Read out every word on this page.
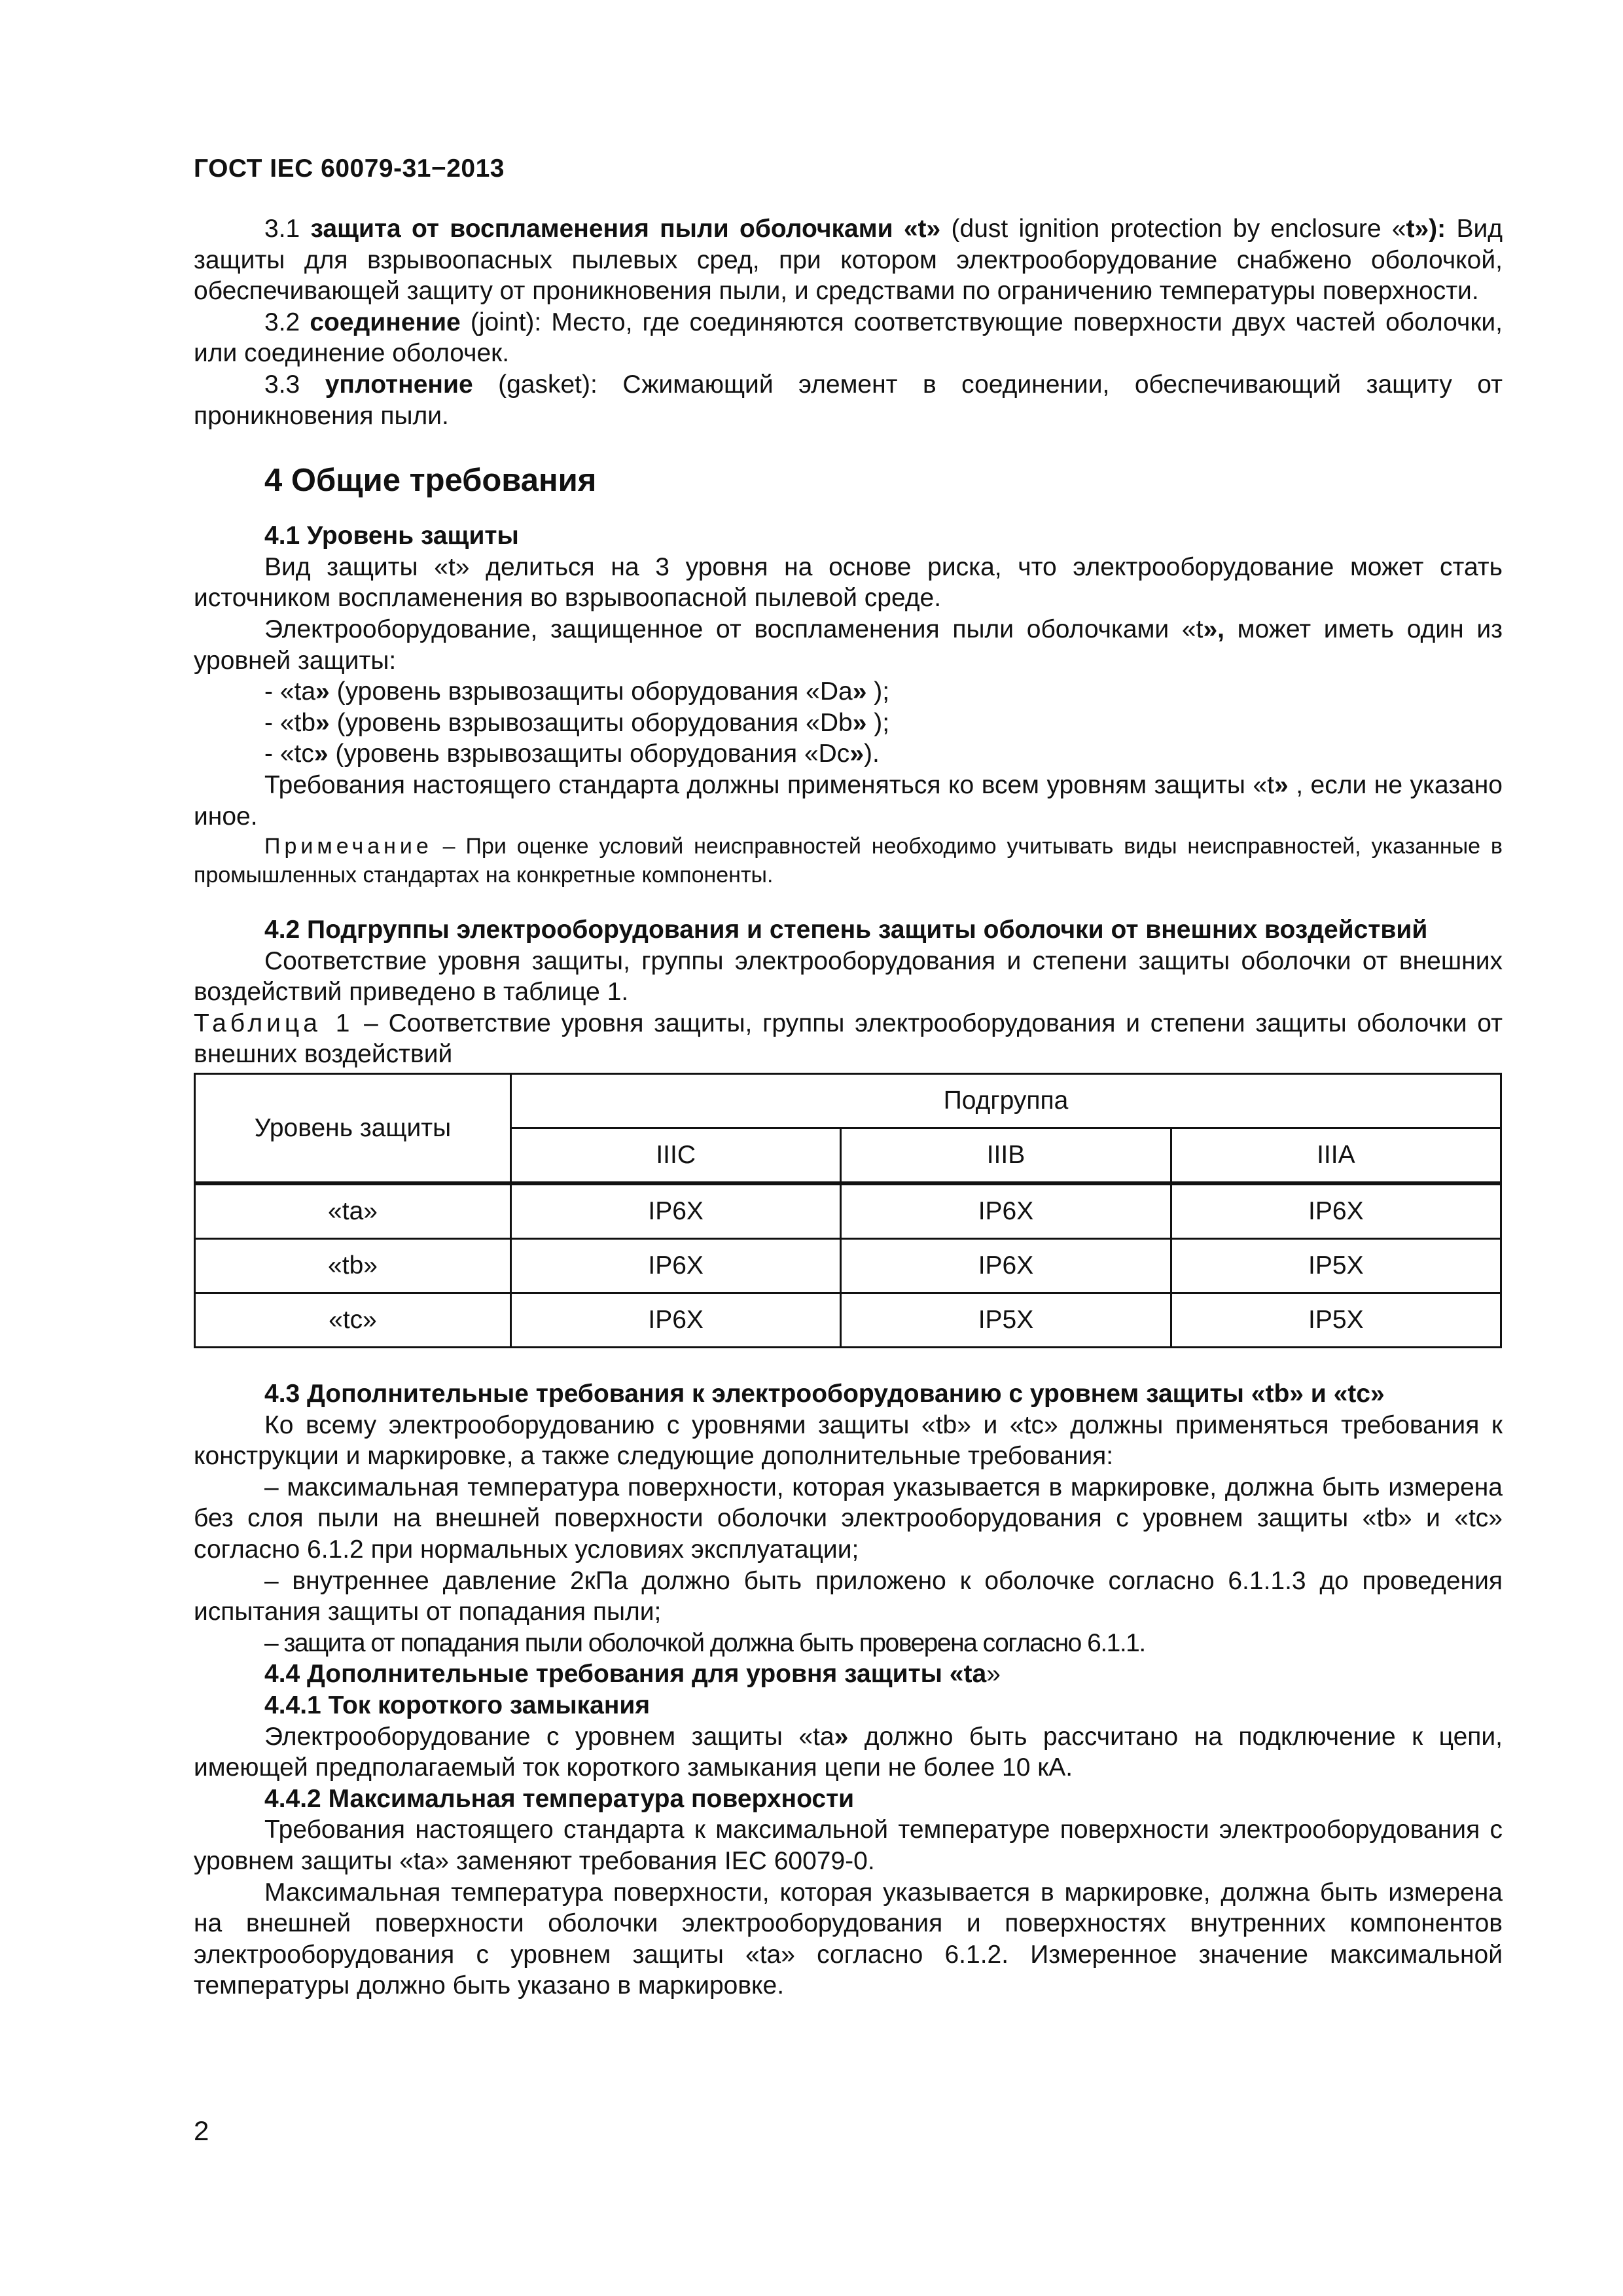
ГОСТ IEC 60079-31−2013

3.1 защита от воспламенения пыли оболочками «t» (dust ignition protection by enclosure «t»): Вид защиты для взрывоопасных пылевых сред, при котором электрооборудование снабжено оболочкой, обеспечивающей защиту от проникновения пыли, и средствами по ограничению температуры поверхности.

3.2 соединение (joint): Место, где соединяются соответствующие поверхности двух частей оболочки, или соединение оболочек.

3.3 уплотнение (gasket): Сжимающий элемент в соединении, обеспечивающий защиту от проникновения пыли.

4 Общие требования
4.1 Уровень защиты

Вид защиты «t» делиться на 3 уровня на основе риска, что электрооборудование может стать источником воспламенения во взрывоопасной пылевой среде.

Электрооборудование, защищенное от воспламенения пыли оболочками «t», может иметь один из уровней защиты:

- «ta» (уровень взрывозащиты оборудования «Da» );

- «tb» (уровень взрывозащиты оборудования «Db» );

- «tc» (уровень взрывозащиты оборудования «Dc»).

Требования настоящего стандарта должны применяться ко всем уровням защиты «t» , если не указано иное.

Примечание – При оценке условий неисправностей необходимо учитывать виды неисправностей, указанные в промышленных стандартах на конкретные компоненты.

4.2 Подгруппы электрооборудования и степень защиты оболочки от внешних воздействий

Соответствие уровня защиты, группы электрооборудования и степени защиты оболочки от внешних воздействий приведено в таблице 1.

Таблица 1 – Соответствие уровня защиты, группы электрооборудования и степени защиты оболочки от внешних воздействий

Уровень защиты	Подгруппа		
	IIIC	IIIB	IIIA
«ta»	IP6X	IP6X	IP6X
«tb»	IP6X	IP6X	IP5X
«tc»	IP6X	IP5X	IP5X
4.3 Дополнительные требования к электрооборудованию с уровнем защиты «tb» и «tc»

Ко всему электрооборудованию с уровнями защиты «tb» и «tc» должны применяться требования к конструкции и маркировке, а также следующие дополнительные требования:

– максимальная температура поверхности, которая указывается в маркировке, должна быть измерена без слоя пыли на внешней поверхности оболочки электрооборудования с уровнем защиты «tb» и «tc» согласно 6.1.2 при нормальных условиях эксплуатации;

– внутреннее давление 2кПа должно быть приложено к оболочке согласно 6.1.1.3 до проведения испытания защиты от попадания пыли;

– защита от попадания пыли оболочкой должна быть проверена согласно 6.1.1.

4.4 Дополнительные требования для уровня защиты «ta»
4.4.1 Ток короткого замыкания

Электрооборудование с уровнем защиты «ta» должно быть рассчитано на подключение к цепи, имеющей предполагаемый ток короткого замыкания цепи не более 10 кА.

4.4.2 Максимальная температура поверхности

Требования настоящего стандарта к максимальной температуре поверхности электрооборудования с уровнем защиты «ta» заменяют требования IEC 60079-0.

Максимальная температура поверхности, которая указывается в маркировке, должна быть измерена на внешней поверхности оболочки электрооборудования и поверхностях внутренних компонентов электрооборудования с уровнем защиты «ta» согласно 6.1.2. Измеренное значение максимальной температуры должно быть указано в маркировке.

2
